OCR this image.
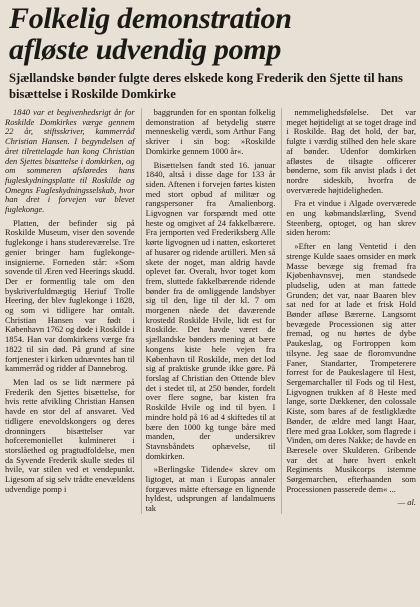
Folkelig demonstration
afløste udvendig pomp
Sjællandske bønder fulgte deres elskede kong Frederik den Sjette til hans bisættelse i Roskilde Domkirke

1840 var et begivenhedsrigt år for Roskilde Domkirkes værge gennem 22 år, stiftsskriver, kammerråd Christian Hansen. I begyndelsen af året tilrettelagde han kong Christian den Sjettes bisættelse i domkirken, og om sommeren afsløredes hans fugleskydningsplatte til Roskilde og Omegns Fugleskydningsselskab, hvor han dret i forvejen var blevet fuglekonge.

Platten, der befinder sig på Roskilde Museum, viser den sovende fuglekonge i hans studereværelse. Tre genier bringer ham fuglekonge-insignierne. Forneden står: »Som sovende til Æren ved Heerings skudd. Der er formentlig tale om den byskriverfuldmægtig Heriuf Trolle Heering, der blev fuglekonge i 1828, og som vi tidligere har omtalt. Christian Hansen var født i København 1762 og døde i Roskilde i 1854. Han var domkirkens værge fra 1822 til sin død. På grund af sine fortjenester i kirken udnævntes han til kammerråd og ridder af Dannebrog.

Men lad os se lidt nærmere på Frederik den Sjettes bisættelse, for hvis rette afvikling Christian Hansen havde en stor del af ansvaret. Ved tidligere enevoldskongers og deres dronningers bisættelser var hofceremoniellet kulmineret i storslåethed og pragtudfoldelse, men da Syvende Frederik skulle stedes til hvile, var stilen ved et vendepunkt. Ligesom af sig selv trådte enevældens udvendige pomp i

baggrunden for en spontan folkelig demonstration af betydelig større menneskelig værdi, som Arthur Fang skriver i sin bog: »Roskilde Domkirke gennem 1000 år«.

Bisættelsen fandt sted 16. januar 1840, altså i disse dage for 133 år siden. Aftenen i forvejen førtes kisten med stort opbud af militær og rangspersoner fra Amalienborg. Ligvognen var forspændt med otte heste og omgivet af 24 fakkelbærere. Fra jernporten ved Frederiksberg Alle kørte ligvognen ud i natten, eskorteret af husarer og ridende artilleri. Men så skete der noget, man aldrig havde oplevet før. Overalt, hvor toget kom frem, sluttede fakkelbærende ridende bønder fra de omliggende landsbyer sig til den, lige til der kl. 7 om morgenen nåede det daværende krostedd Roskilde Hvile, lidt est for Roskilde. Det havde været de sjællandske bønders mening at bære kongens kiste hele vejen fra København til Roskilde, men det lod sig af praktiske grunde ikke gøre. På forslag af Christian den Ottende blev det i stedet til, at 250 bønder, fordelt over flere sogne, bar kisten fra Roskilde Hvile og ind til byen. I mindre hold på 16 ad 4 skiftedes til at bære den 1000 kg tunge båre med manden, der undersikrev Stavnsbåndets ophævelse, til domkirken.

»Berlingske Tidende« skrev om ligtoget, at man i Europas annaler forgæves måtte eftersøge en lignende hyldest, udsprungen af landalmuens tak

nemmelighedsfølelse. Det var meget højtideligt at se toget drage ind i Roskilde. Bag det hold, der bar, fulgte i værdig stilhed den hele skare af bønder. Udenfor domkirken afløstes de tilsagte officerer bønderne, som fik anvist plads i det nordre sideskib, hvorfra de overværede højtideligheden.

Fra et vindue i Algade overværede en ung købmandslærling, Svend Steenberg, optoget, og han skrev siden herom:

»Efter en lang Ventetid i den strenge Kulde saaes omsider en mørk Masse bevæge sig fremad fra Kjøbenhavnsvej, men standsede pludselig, uden at man fattede Grunden; det var, naar Baaren blev sat ned for at lade et frisk Hold Bønder afløse Bærerne. Langsomt bevægede Processionen sig atter fremad, og nu hørtes de dybe Paukeslag, og Fortroppen kom tilsyne. Jeg saae de floromvundne Faner, Standarter, Trompeterere forrest for de Paukeslagere til Hest, Sergemarchaller til Fods og til Hest, Ligvognen trukken af 8 Heste med lange, sorte Dækkener, den colossale Kiste, som bares af de festligklædte Bønder, de ældre med langt Haar, flere med graa Lokker, som flagrede i Vinden, om deres Nakke; de havde en Bæresele over Skulderen. Gribende var det at høre hvert enkelt Regiments Musikcorps istemme Sørgemarchen, efterhaanden som Processionen passerede dem« ...

— al.
